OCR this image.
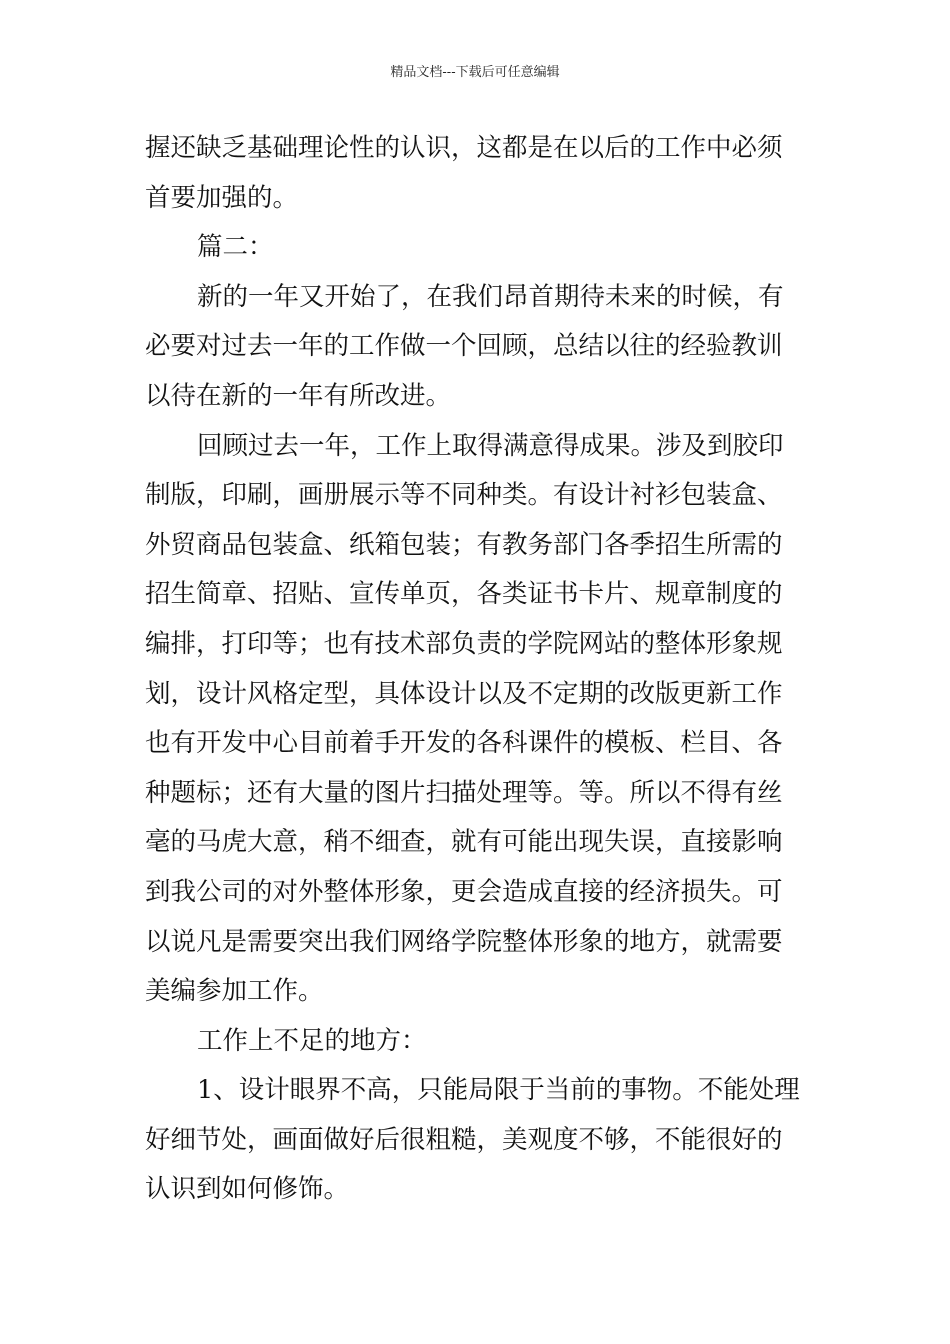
精品文档---下载后可任意编辑
握还缺乏基础理论性的认识，这都是在以后的工作中必须
首要加强的。
篇二：
新的一年又开始了，在我们昂首期待未来的时候，有
必要对过去一年的工作做一个回顾，总结以往的经验教训
以待在新的一年有所改进。
回顾过去一年，工作上取得满意得成果。涉及到胶印
制版，印刷，画册展示等不同种类。有设计衬衫包装盒、
外贸商品包装盒、纸箱包装；有教务部门各季招生所需的
招生简章、招贴、宣传单页，各类证书卡片、规章制度的
编排，打印等；也有技术部负责的学院网站的整体形象规
划，设计风格定型，具体设计以及不定期的改版更新工作
也有开发中心目前着手开发的各科课件的模板、栏目、各
种题标；还有大量的图片扫描处理等。等。所以不得有丝
毫的马虎大意，稍不细查，就有可能出现失误，直接影响
到我公司的对外整体形象，更会造成直接的经济损失。可
以说凡是需要突出我们网络学院整体形象的地方，就需要
美编参加工作。
工作上不足的地方：
1、设计眼界不高，只能局限于当前的事物。不能处理
好细节处，画面做好后很粗糙，美观度不够，不能很好的
认识到如何修饰。
